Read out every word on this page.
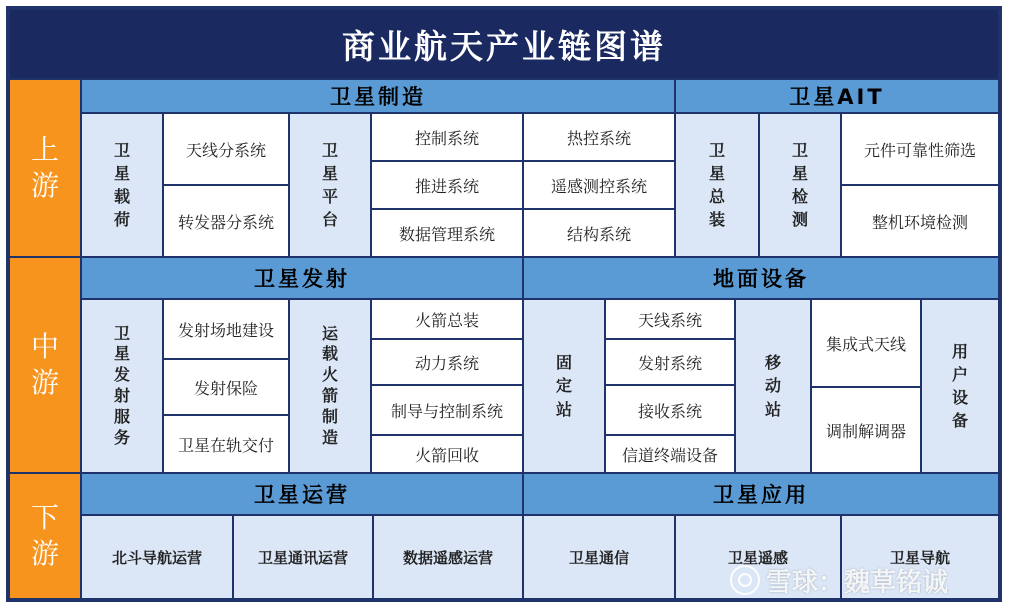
商业航天产业链图谱
上
游
中
游
下
游
卫星制造	卫星AIT
卫
星
载
荷
天线分系统
转发器分系统
卫
星
平
台
控制系统
推进系统
数据管理系统
热控系统
遥感测控系统
结构系统
卫
星
总
装
卫
星
检
测
元件可靠性筛选
整机环境检测
卫星发射	地面设备
卫
星
发
射
服
务
发射场地建设
发射保险
卫星在轨交付
运
载
火
箭
制
造
火箭总装
动力系统
制导与控制系统
火箭回收
固
定
站
天线系统
发射系统
接收系统
信道终端设备
移
动
站
集成式天线
调制解调器
用
户
设
备
卫星运营	卫星应用
北斗导航运营	卫星通讯运营	数据遥感运营	卫星通信	卫星遥感	卫星导航
雪球：魏草铭诚
